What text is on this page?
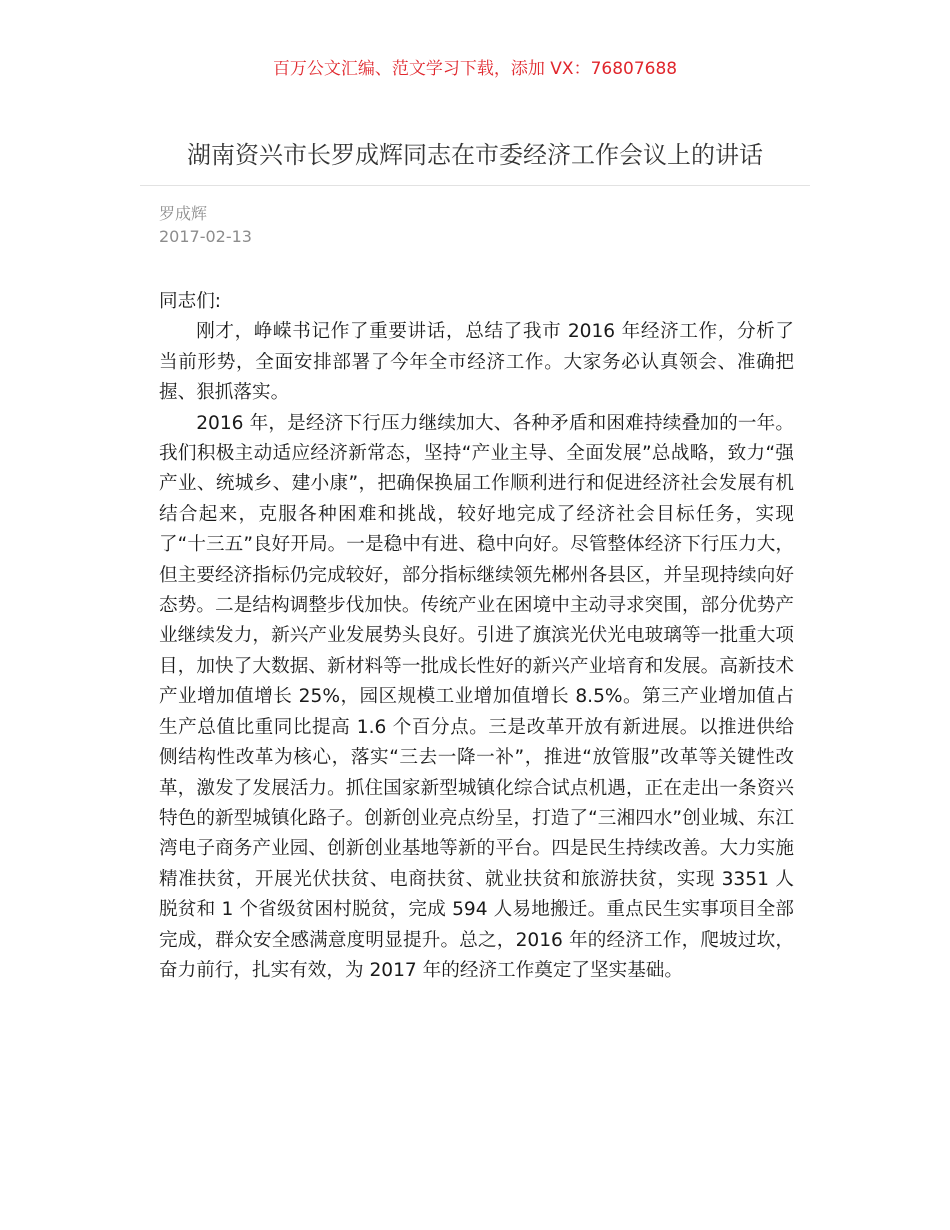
百万公文汇编、范文学习下载，添加 VX：76807688
湖南资兴市长罗成辉同志在市委经济工作会议上的讲话
罗成辉
2017-02-13

同志们:

刚才，峥嵘书记作了重要讲话，总结了我市 2016 年经济工作，分析了当前形势，全面安排部署了今年全市经济工作。大家务必认真领会、准确把握、狠抓落实。

2016 年，是经济下行压力继续加大、各种矛盾和困难持续叠加的一年。我们积极主动适应经济新常态，坚持“产业主导、全面发展”总战略，致力“强产业、统城乡、建小康”，把确保换届工作顺利进行和促进经济社会发展有机结合起来，克服各种困难和挑战，较好地完成了经济社会目标任务，实现了“十三五”良好开局。一是稳中有进、稳中向好。尽管整体经济下行压力大，但主要经济指标仍完成较好，部分指标继续领先郴州各县区，并呈现持续向好态势。二是结构调整步伐加快。传统产业在困境中主动寻求突围，部分优势产业继续发力，新兴产业发展势头良好。引进了旗滨光伏光电玻璃等一批重大项目，加快了大数据、新材料等一批成长性好的新兴产业培育和发展。高新技术产业增加值增长 25%，园区规模工业增加值增长 8.5%。第三产业增加值占生产总值比重同比提高 1.6 个百分点。三是改革开放有新进展。以推进供给侧结构性改革为核心，落实“三去一降一补”，推进“放管服”改革等关键性改革，激发了发展活力。抓住国家新型城镇化综合试点机遇，正在走出一条资兴特色的新型城镇化路子。创新创业亮点纷呈，打造了“三湘四水”创业城、东江湾电子商务产业园、创新创业基地等新的平台。四是民生持续改善。大力实施精准扶贫，开展光伏扶贫、电商扶贫、就业扶贫和旅游扶贫，实现 3351 人脱贫和 1 个省级贫困村脱贫，完成 594 人易地搬迁。重点民生实事项目全部完成，群众安全感满意度明显提升。总之，2016 年的经济工作，爬坡过坎，奋力前行，扎实有效，为 2017 年的经济工作奠定了坚实基础。
